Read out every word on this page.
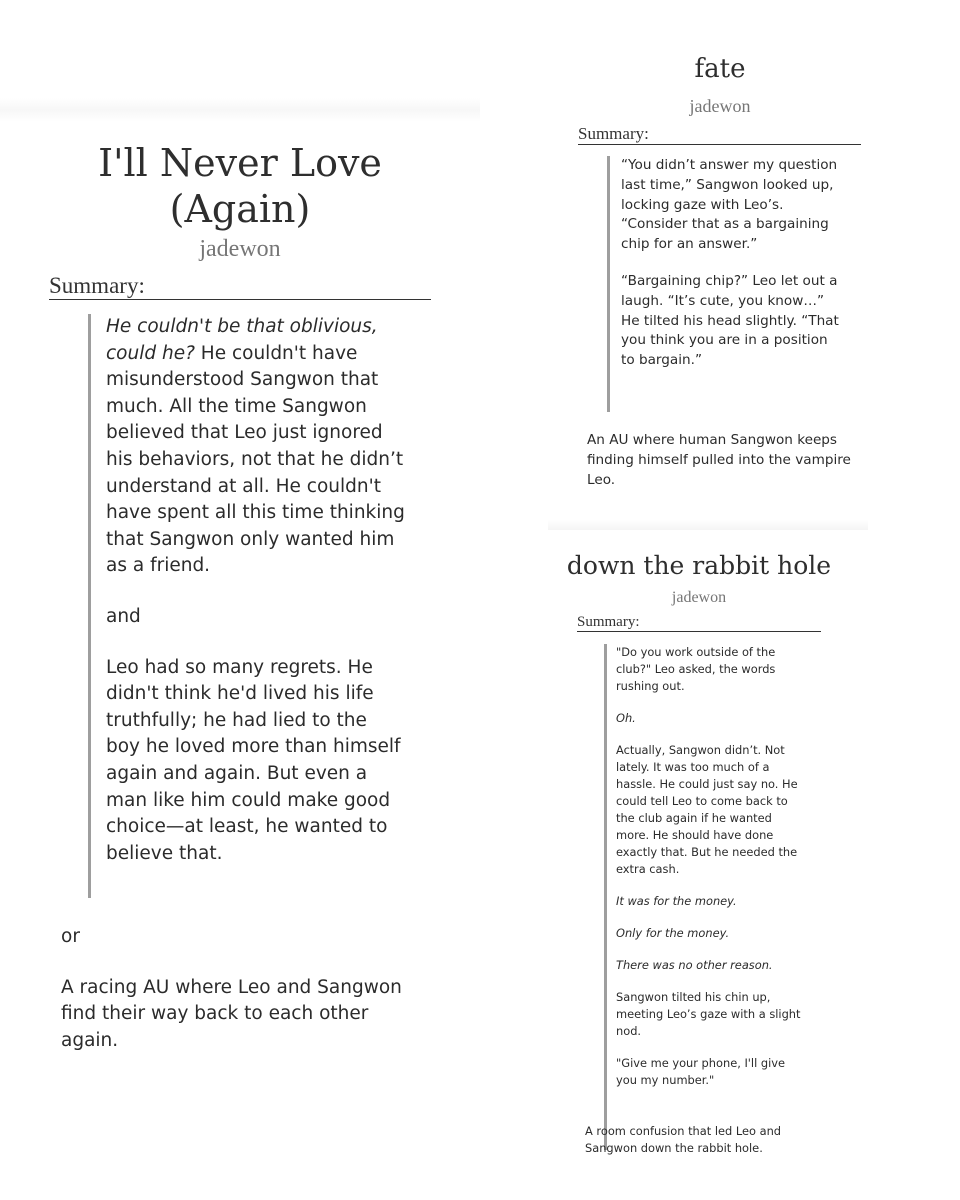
I'll Never Love (Again)
jadewon
Summary:

He couldn't be that oblivious, could he? He couldn't have misunderstood Sangwon that much. All the time Sangwon believed that Leo just ignored his behaviors, not that he didn’t understand at all. He couldn't have spent all this time thinking that Sangwon only wanted him as a friend.

and

Leo had so many regrets. He didn't think he'd lived his life truthfully; he had lied to the boy he loved more than himself again and again. But even a man like him could make good choice—at least, he wanted to believe that.

or

A racing AU where Leo and Sangwon find their way back to each other again.

fate
jadewon
Summary:

“You didn’t answer my question last time,” Sangwon looked up, locking gaze with Leo’s. “Consider that as a bargaining chip for an answer.”

“Bargaining chip?” Leo let out a laugh. “It’s cute, you know…” He tilted his head slightly. “That you think you are in a position to bargain.”

An AU where human Sangwon keeps finding himself pulled into the vampire Leo.

down the rabbit hole
jadewon
Summary:

"Do you work outside of the club?" Leo asked, the words rushing out.

Oh.

Actually, Sangwon didn’t. Not lately. It was too much of a hassle. He could just say no. He could tell Leo to come back to the club again if he wanted more. He should have done exactly that. But he needed the extra cash.

It was for the money.

Only for the money.

There was no other reason.

Sangwon tilted his chin up, meeting Leo’s gaze with a slight nod.

"Give me your phone, I'll give you my number."

A room confusion that led Leo and Sangwon down the rabbit hole.
